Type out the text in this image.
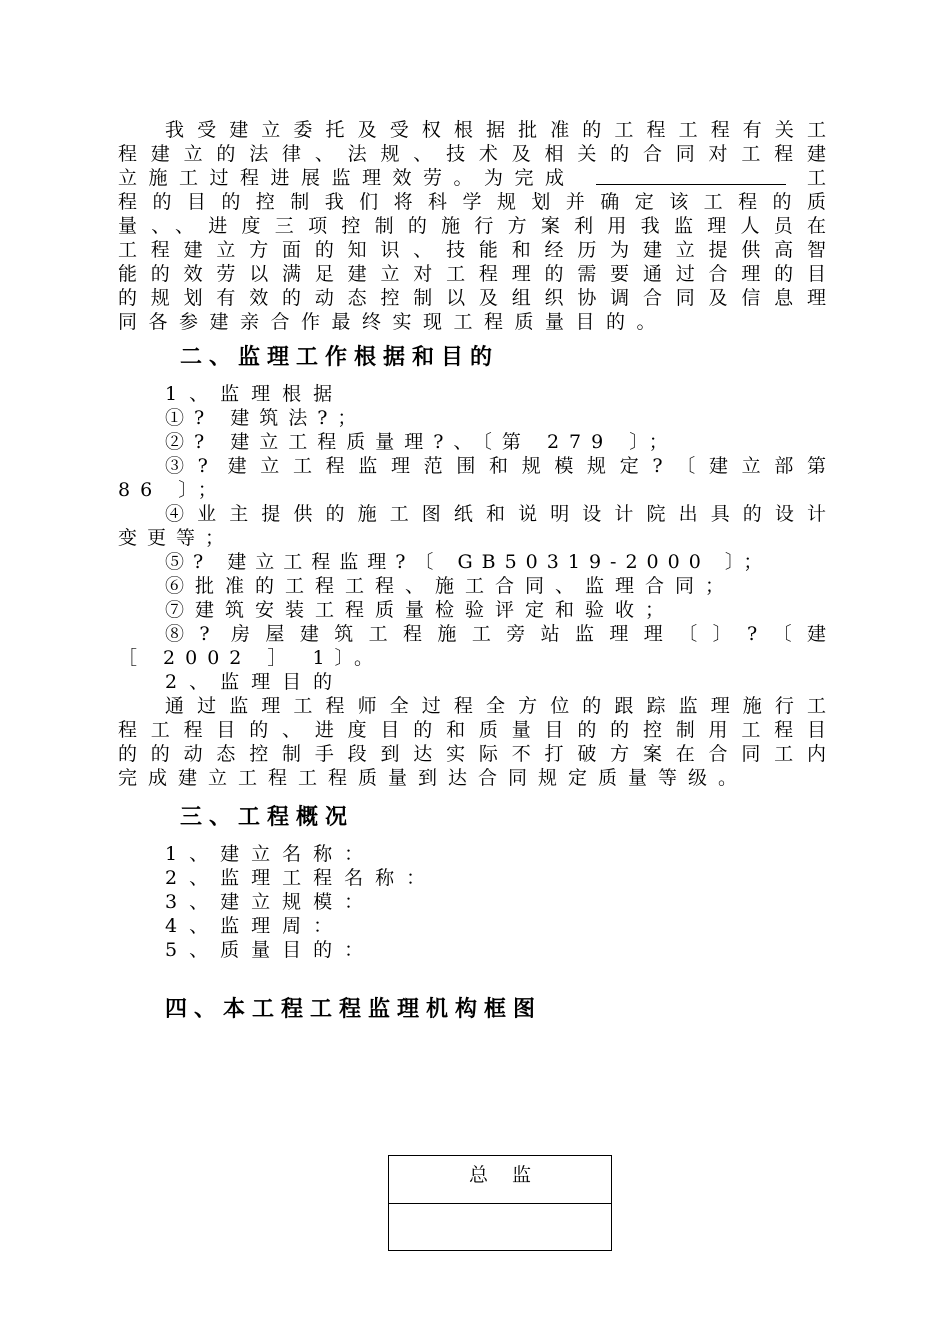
我受建立委托及受权根据批准的工程工程有关工
程建立的法律、法规、技术及相关的合同对工程建
立施工过程进展监理效劳。为完成	工
程的目的控制我们将科学规划并确定该工程的质
量、、进度三项控制的施行方案利用我监理人员在
工程建立方面的知识、技能和经历为建立提供高智
能的效劳以满足建立对工程理的需要通过合理的目
的规划有效的动态控制以及组织协调合同及信息理
同各参建亲合作最终实现工程质量目的。
二、监理工作根据和目的
1、监理根据
①? 建筑法?；
②? 建立工程质量理?、〔第 279 〕；
③? 建立工程监理范围和规模规定?〔建立部第
86 〕；
④业主提供的施工图纸和说明设计院出具的设计
变更等；
⑤? 建立工程监理?〔 GB50319-2000 〕；
⑥批准的工程工程、施工合同、监理合同；
⑦建筑安装工程质量检验评定和验收；
⑧? 房屋建筑工程施工旁站监理理〔〕?〔建
［ 2002 ］ 1〕。
2、监理目的
通过监理工程师全过程全方位的跟踪监理施行工
程工程目的、进度目的和质量目的的控制用工程目
的的动态控制手段到达实际不打破方案在合同工内
完成建立工程工程质量到达合同规定质量等级。
三、工程概况
1、建立名称：
2、监理工程名称：
3、建立规模：
4、监理周：
5、质量目的：
四、本工程工程监理机构框图
总监
